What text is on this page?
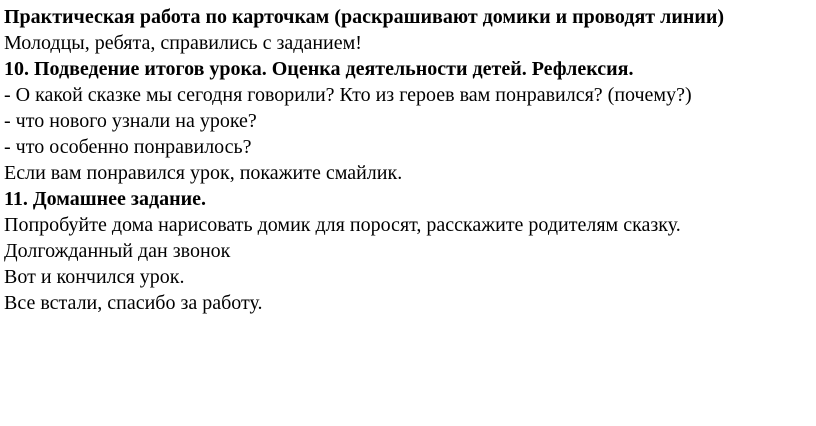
Практическая работа по карточкам (раскрашивают домики и проводят линии)

Молодцы, ребята, справились с заданием!

10. Подведение итогов урока. Оценка деятельности детей. Рефлексия.

- О какой сказке мы сегодня говорили? Кто из героев вам понравился? (почему?)

- что нового узнали на уроке?

- что особенно понравилось?

Если вам понравился урок, покажите смайлик.

11. Домашнее задание.

Попробуйте дома нарисовать домик для поросят, расскажите родителям сказку.

Долгожданный дан звонок

Вот и кончился урок.

Все встали, спасибо за работу.
